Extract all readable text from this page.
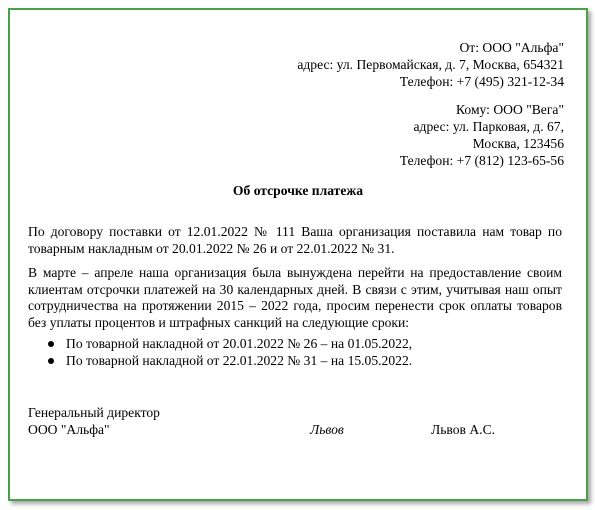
От: ООО "Альфа"
адрес: ул. Первомайская, д. 7, Москва, 654321
Телефон: +7 (495) 321-12-34
Кому: ООО "Вега"
адрес: ул. Парковая, д. 67,
Москва, 123456
Телефон: +7 (812) 123-65-56
Об отсрочке платежа
По договору поставки от 12.01.2022 № 111 Ваша организация поставила нам товар по товарным накладным от 20.01.2022 № 26 и от 22.01.2022 № 31.
В марте – апреле наша организация была вынуждена перейти на предоставление своим клиентам отсрочки платежей на 30 календарных дней. В связи с этим, учитывая наш опыт сотрудничества на протяжении 2015 – 2022 года, просим перенести срок оплаты товаров без уплаты процентов и штрафных санкций на следующие сроки:
По товарной накладной от 20.01.2022 № 26 – на 01.05.2022,
По товарной накладной от 22.01.2022 № 31 – на 15.05.2022.
Генеральный директор
ООО "Альфа"	Львов	Львов А.С.
